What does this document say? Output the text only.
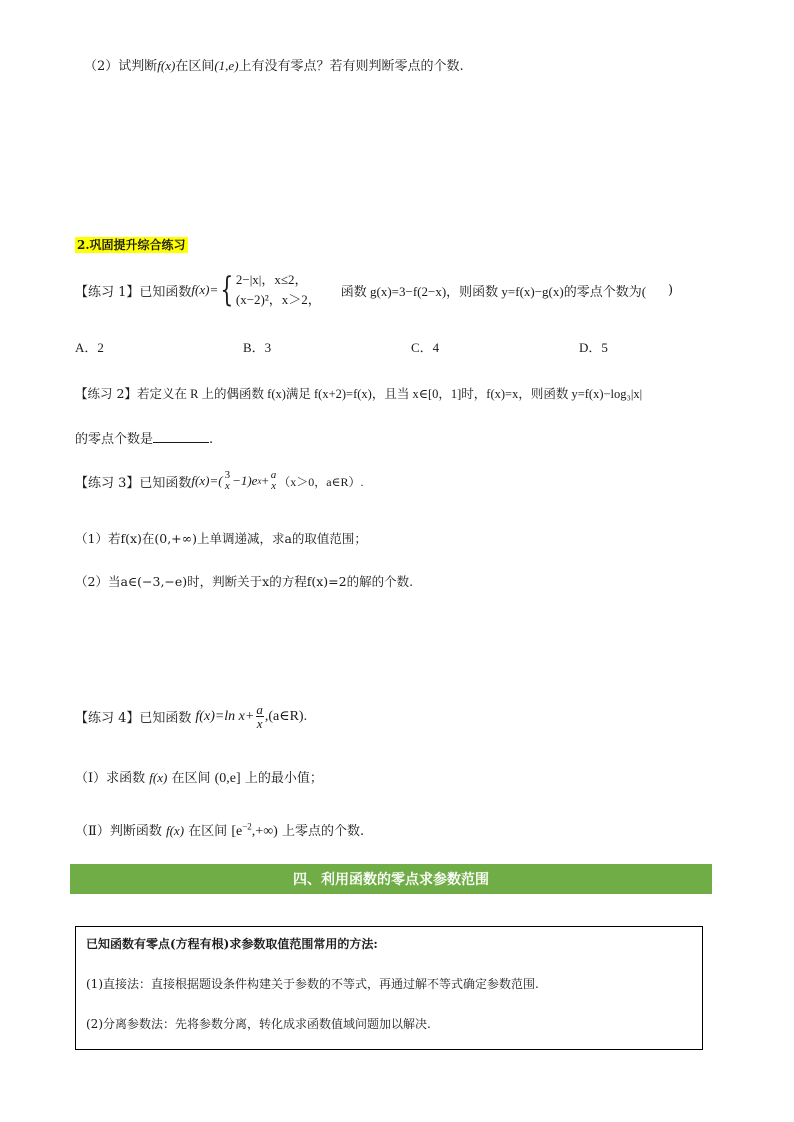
（2）试判断f(x)在区间(1,e)上有没有零点？若有则判断零点的个数.
2.巩固提升综合练习
【练习 1】 已知函数 f(x)= { 2−|x|，x≤2，
(x−2)²，x＞2，
函数 g(x)=3−f(2−x)，则函数 y=f(x)−g(x)的零点个数为( )
A．2	B．3	C．4	D．5
【练习 2】若定义在 R 上的偶函数 f(x)满足 f(x+2)=f(x)，且当 x∈[0，1]时，f(x)=x，则函数 y=f(x)−log₃|x|
的零点个数是	.
【练习 3】 已知函数 f(x)=( 3
x −1)e x + a
x （x＞0，a∈R）.
（1）若f(x)在(0,+∞)上单调递减，求a的取值范围；
（2）当a∈(−3,−e)时，判断关于x的方程f(x)=2的解的个数.
【练习 4】 已知函数 f(x)=ln $x+ \frac{a}{x}$ ,(a∈R).
（Ⅰ）求函数 f(x) 在区间 (0,e] 上的最小值；
（Ⅱ）判断函数 f(x) 在区间 $[e^{-2},+\infty)$ 上零点的个数.
四、利用函数的零点求参数范围
已知函数有零点(方程有根)求参数取值范围常用的方法:
(1)直接法：直接根据题设条件构建关于参数的不等式，再通过解不等式确定参数范围.
(2)分离参数法：先将参数分离，转化成求函数值域问题加以解决.
